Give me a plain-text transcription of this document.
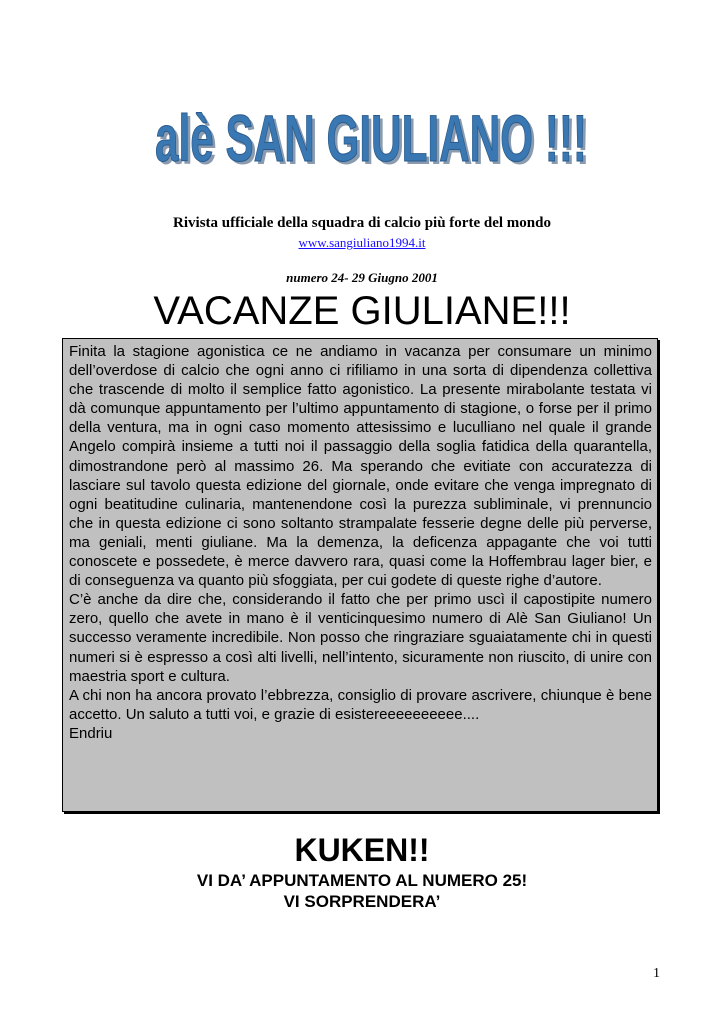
alè SAN GIULIANO !!!
alè SAN GIULIANO !!!
Rivista ufficiale della squadra di calcio più forte del mondo
www.sangiuliano1994.it
numero 24- 29 Giugno 2001
VACANZE GIULIANE!!!

Finita la stagione agonistica ce ne andiamo in vacanza per consumare un minimo dell’overdose di calcio che ogni anno ci rifiliamo in una sorta di dipendenza collettiva che trascende di molto il semplice fatto agonistico. La presente mirabolante testata vi dà comunque appuntamento per l’ultimo appuntamento di stagione, o forse per il primo della ventura, ma in ogni caso momento attesissimo e luculliano nel quale il grande Angelo compirà insieme a tutti noi il passaggio della soglia fatidica della quarantella, dimostrandone però al massimo 26. Ma sperando che evitiate con accuratezza di lasciare sul tavolo questa edizione del giornale, onde evitare che venga impregnato di ogni beatitudine culinaria, mantenendone così la purezza subliminale, vi prennuncio che in questa edizione ci sono soltanto strampalate fesserie degne delle più perverse, ma geniali, menti giuliane. Ma la demenza, la deficenza appagante che voi tutti conoscete e possedete, è merce davvero rara, quasi come la Hoffembrau lager bier, e di conseguenza va quanto più sfoggiata, per cui godete di queste righe d’autore.

C’è anche da dire che, considerando il fatto che per primo uscì il capostipite numero zero, quello che avete in mano è il venticinquesimo numero di Alè San Giuliano! Un successo veramente incredibile. Non posso che ringraziare sguaiatamente chi in questi numeri si è espresso a così alti livelli, nell’intento, sicuramente non riuscito, di unire con maestria sport e cultura.

A chi non ha ancora provato l’ebbrezza, consiglio di provare ascrivere, chiunque è bene accetto. Un saluto a tutti voi, e grazie di esistereeeeeeeeee....

Endriu

KUKEN!!
VI DA’ APPUNTAMENTO AL NUMERO 25!
VI SORPRENDERA’
1
